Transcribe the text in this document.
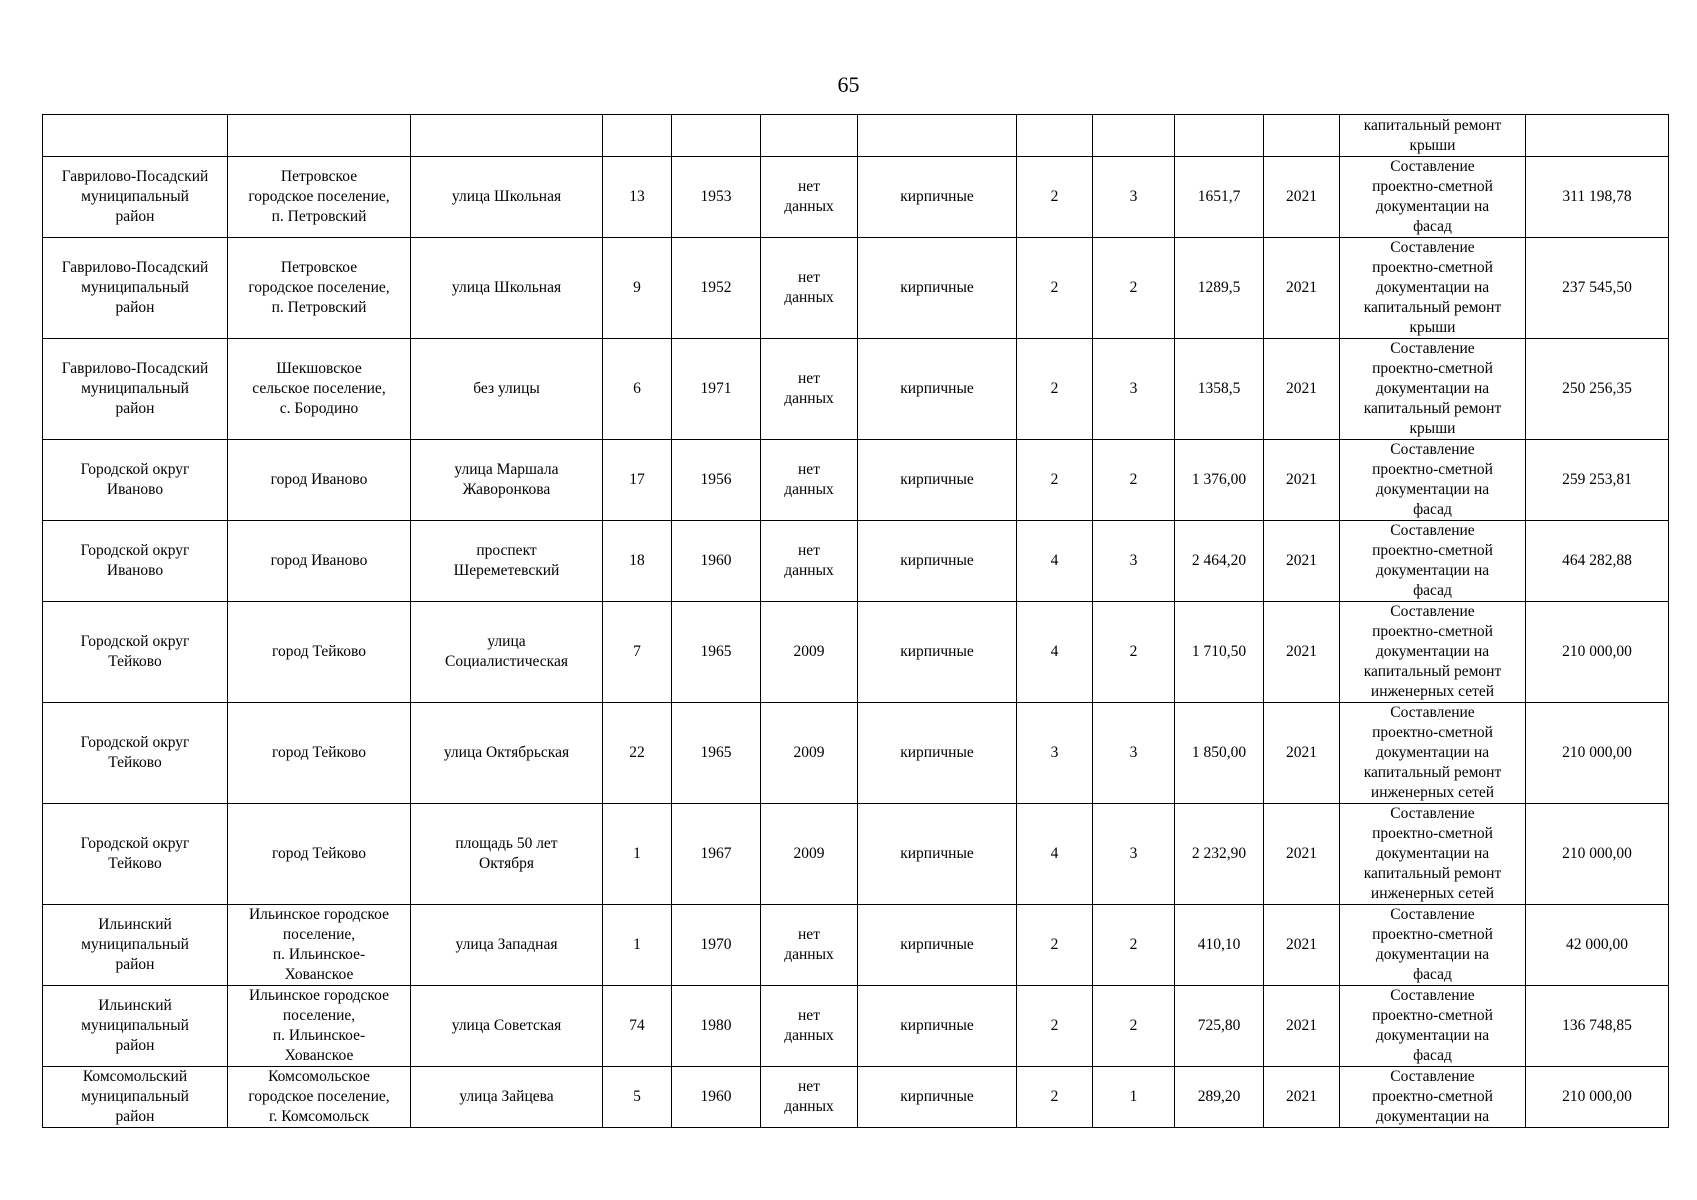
65
											капитальный ремонт
крыши	
Гаврилово-Посадский
муниципальный
район	Петровское
городское поселение,
п. Петровский	улица Школьная	13	1953	нет
данных	кирпичные	2	3	1651,7	2021	Составление
проектно-сметной
документации на
фасад	311 198,78
Гаврилово-Посадский
муниципальный
район	Петровское
городское поселение,
п. Петровский	улица Школьная	9	1952	нет
данных	кирпичные	2	2	1289,5	2021	Составление
проектно-сметной
документации на
капитальный ремонт
крыши	237 545,50
Гаврилово-Посадский
муниципальный
район	Шекшовское
сельское поселение,
с. Бородино	без улицы	6	1971	нет
данных	кирпичные	2	3	1358,5	2021	Составление
проектно-сметной
документации на
капитальный ремонт
крыши	250 256,35
Городской округ
Иваново	город Иваново	улица Маршала
Жаворонкова	17	1956	нет
данных	кирпичные	2	2	1 376,00	2021	Составление
проектно-сметной
документации на
фасад	259 253,81
Городской округ
Иваново	город Иваново	проспект
Шереметевский	18	1960	нет
данных	кирпичные	4	3	2 464,20	2021	Составление
проектно-сметной
документации на
фасад	464 282,88
Городской округ
Тейково	город Тейково	улица
Социалистическая	7	1965	2009	кирпичные	4	2	1 710,50	2021	Составление
проектно-сметной
документации на
капитальный ремонт
инженерных сетей	210 000,00
Городской округ
Тейково	город Тейково	улица Октябрьская	22	1965	2009	кирпичные	3	3	1 850,00	2021	Составление
проектно-сметной
документации на
капитальный ремонт
инженерных сетей	210 000,00
Городской округ
Тейково	город Тейково	площадь 50 лет
Октября	1	1967	2009	кирпичные	4	3	2 232,90	2021	Составление
проектно-сметной
документации на
капитальный ремонт
инженерных сетей	210 000,00
Ильинский
муниципальный
район	Ильинское городское
поселение,
п. Ильинское-
Хованское	улица Западная	1	1970	нет
данных	кирпичные	2	2	410,10	2021	Составление
проектно-сметной
документации на
фасад	42 000,00
Ильинский
муниципальный
район	Ильинское городское
поселение,
п. Ильинское-
Хованское	улица Советская	74	1980	нет
данных	кирпичные	2	2	725,80	2021	Составление
проектно-сметной
документации на
фасад	136 748,85
Комсомольский
муниципальный
район	Комсомольское
городское поселение,
г. Комсомольск	улица Зайцева	5	1960	нет
данных	кирпичные	2	1	289,20	2021	Составление
проектно-сметной
документации на	210 000,00
